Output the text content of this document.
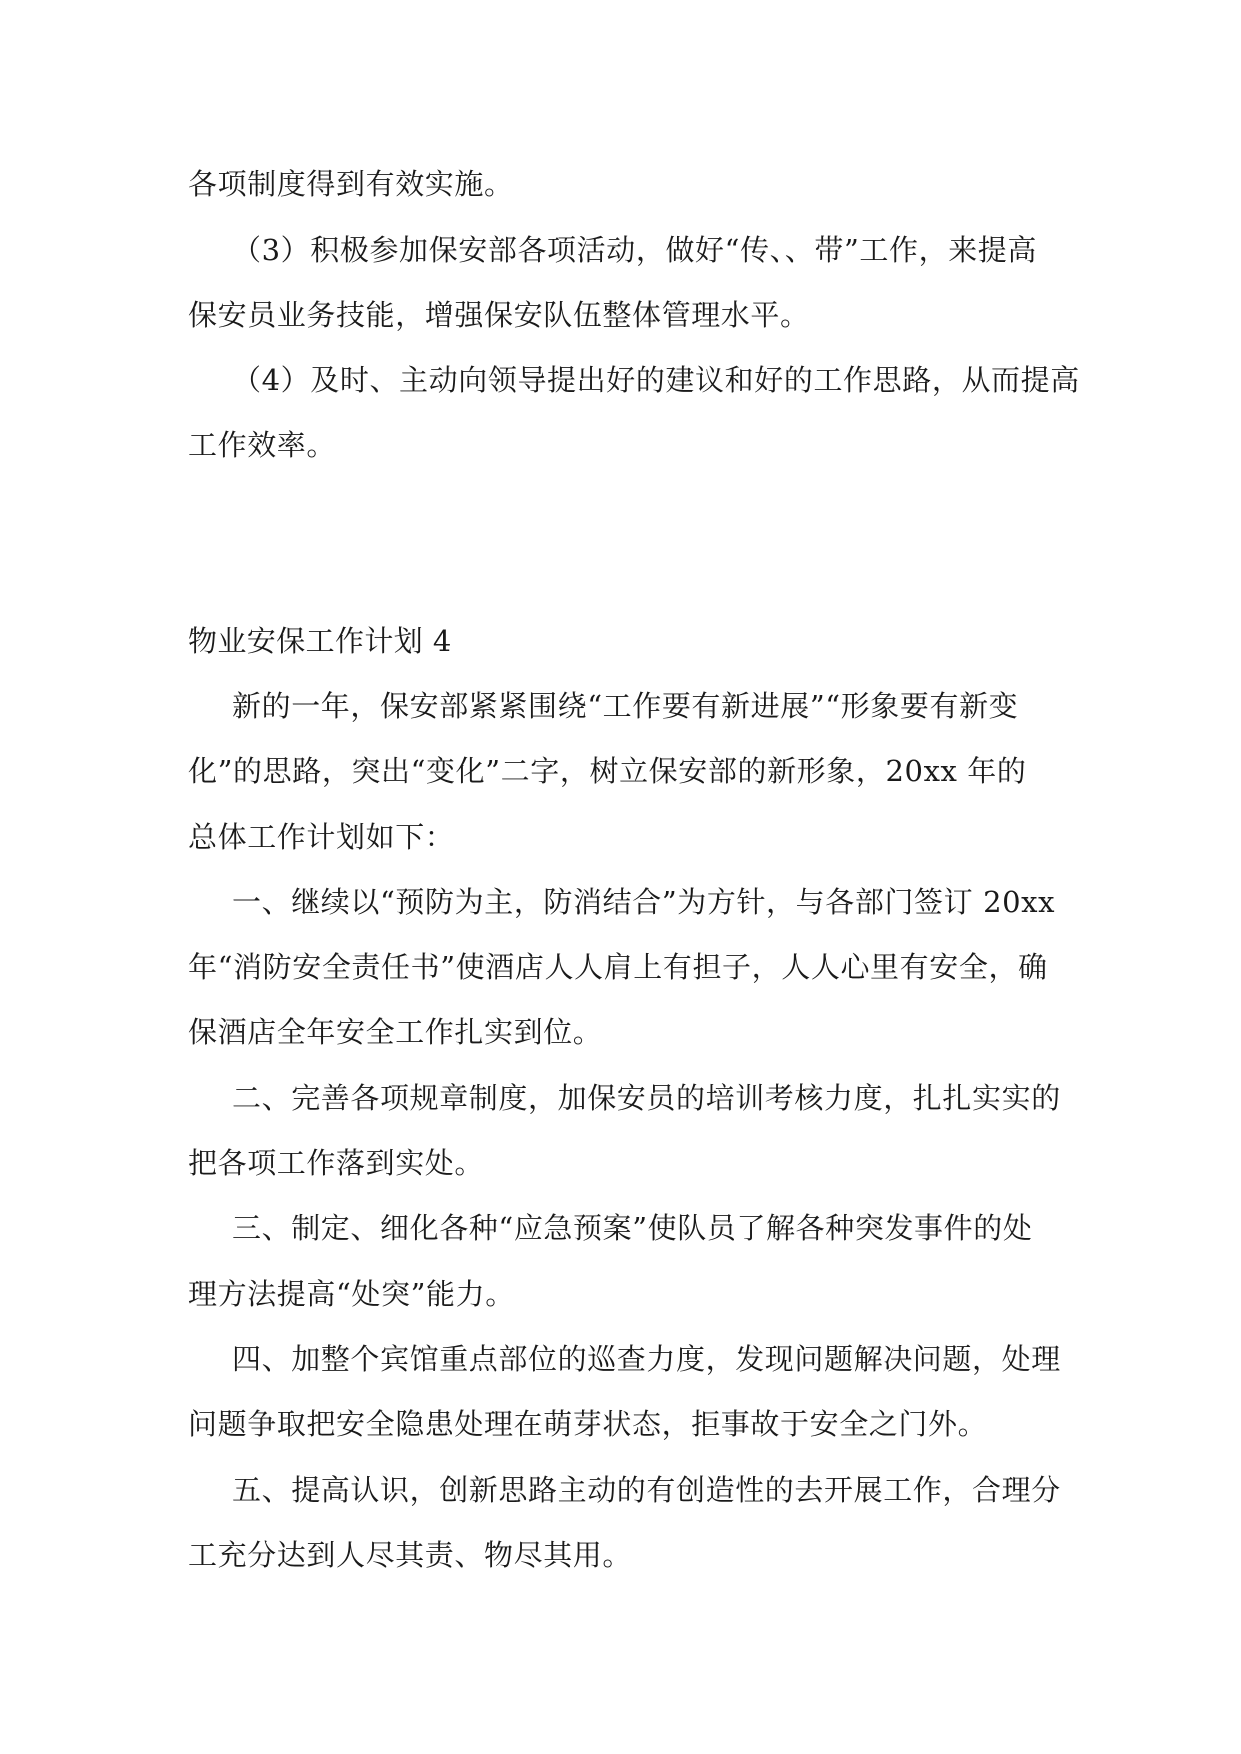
各项制度得到有效实施。
（3）积极参加保安部各项活动，做好“传、、带”工作，来提高
保安员业务技能，增强保安队伍整体管理水平。
（4）及时、主动向领导提出好的建议和好的工作思路，从而提高
工作效率。
物业安保工作计划 4
新的一年，保安部紧紧围绕“工作要有新进展”“形象要有新变
化”的思路，突出“变化”二字，树立保安部的新形象，20xx 年的
总体工作计划如下：
一、继续以“预防为主，防消结合”为方针，与各部门签订 20xx
年“消防安全责任书”使酒店人人肩上有担子，人人心里有安全，确
保酒店全年安全工作扎实到位。
二、完善各项规章制度，加保安员的培训考核力度，扎扎实实的
把各项工作落到实处。
三、制定、细化各种“应急预案”使队员了解各种突发事件的处
理方法提高“处突”能力。
四、加整个宾馆重点部位的巡查力度，发现问题解决问题，处理
问题争取把安全隐患处理在萌芽状态，拒事故于安全之门外。
五、提高认识，创新思路主动的有创造性的去开展工作，合理分
工充分达到人尽其责、物尽其用。
